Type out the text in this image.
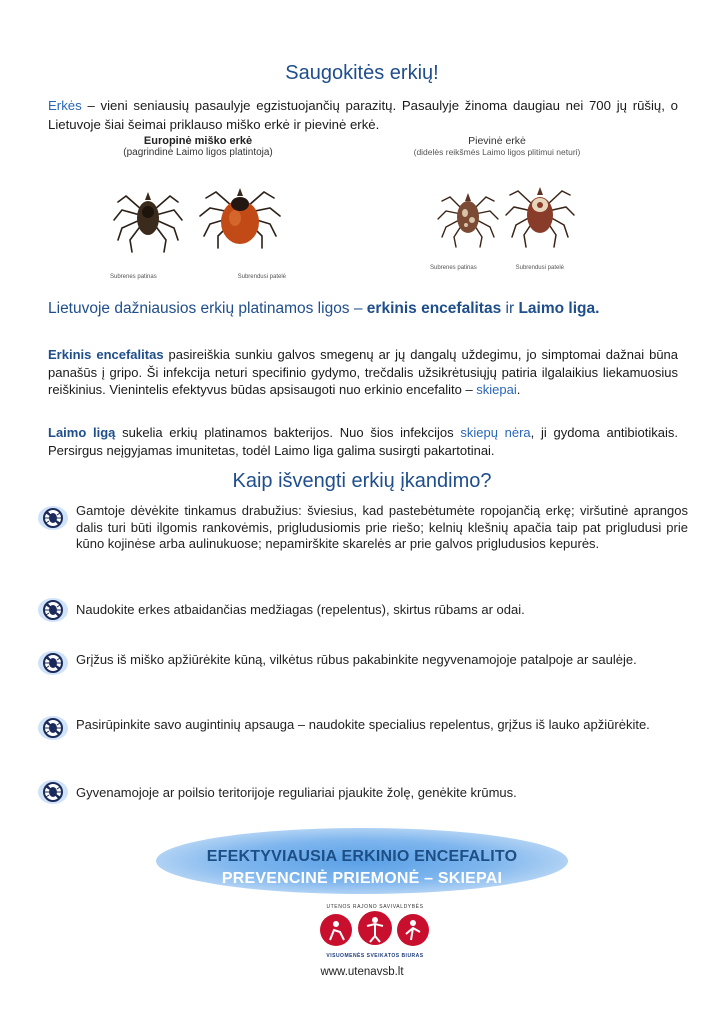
Saugokitės erkių!
Erkės – vieni seniausių pasaulyje egzistuojančių parazitų. Pasaulyje žinoma daugiau nei 700 jų rūšių, o Lietuvoje šiai šeimai priklauso miško erkė ir pievinė erkė.
Europinė miško erkė
(pagrindinė Laimo ligos platintoja)
Subrenes patinas	Subrendusi patelė
Pievinė erkė
(didelės reikšmės Laimo ligos plitimui neturi)
Subrenes patinas	Subrendusi patelė
Lietuvoje dažniausios erkių platinamos ligos – erkinis encefalitas ir Laimo liga.
Erkinis encefalitas pasireiškia sunkiu galvos smegenų ar jų dangalų uždegimu, jo simptomai dažnai būna panašūs į gripo. Ši infekcija neturi specifinio gydymo, trečdalis užsikrėtusiųjų patiria ilgalaikius liekamuosius reiškinius. Vienintelis efektyvus būdas apsisaugoti nuo erkinio encefalito – skiepai.
Laimo ligą sukelia erkių platinamos bakterijos. Nuo šios infekcijos skiepų nėra, ji gydoma antibiotikais. Persirgus neįgyjamas imunitetas, todėl Laimo liga galima susirgti pakartotinai.
Kaip išvengti erkių įkandimo?
Gamtoje dėvėkite tinkamus drabužius: šviesius, kad pastebėtumėte ropojančią erkę; viršutinė aprangos dalis turi būti ilgomis rankovėmis, prigludusiomis prie riešo; kelnių klešnių apačia taip pat prigludusi prie kūno kojinėse arba aulinukuose; nepamirškite skarelės ar prie galvos prigludusios kepurės.
Naudokite erkes atbaidančias medžiagas (repelentus), skirtus rūbams ar odai.
Grįžus iš miško apžiūrėkite kūną, vilkėtus rūbus pakabinkite negyvenamojoje patalpoje ar saulėje.
Pasirūpinkite savo augintinių apsauga – naudokite specialius repelentus, grįžus iš lauko apžiūrėkite.
Gyvenamojoje ar poilsio teritorijoje reguliariai pjaukite žolę, genėkite krūmus.
EFEKTYVIAUSIA ERKINIO ENCEFALITO
PREVENCINĖ PRIEMONĖ – SKIEPAI
UTENOS RAJONO SAVIVALDYBĖS
VISUOMENĖS SVEIKATOS BIURAS
www.utenavsb.lt
